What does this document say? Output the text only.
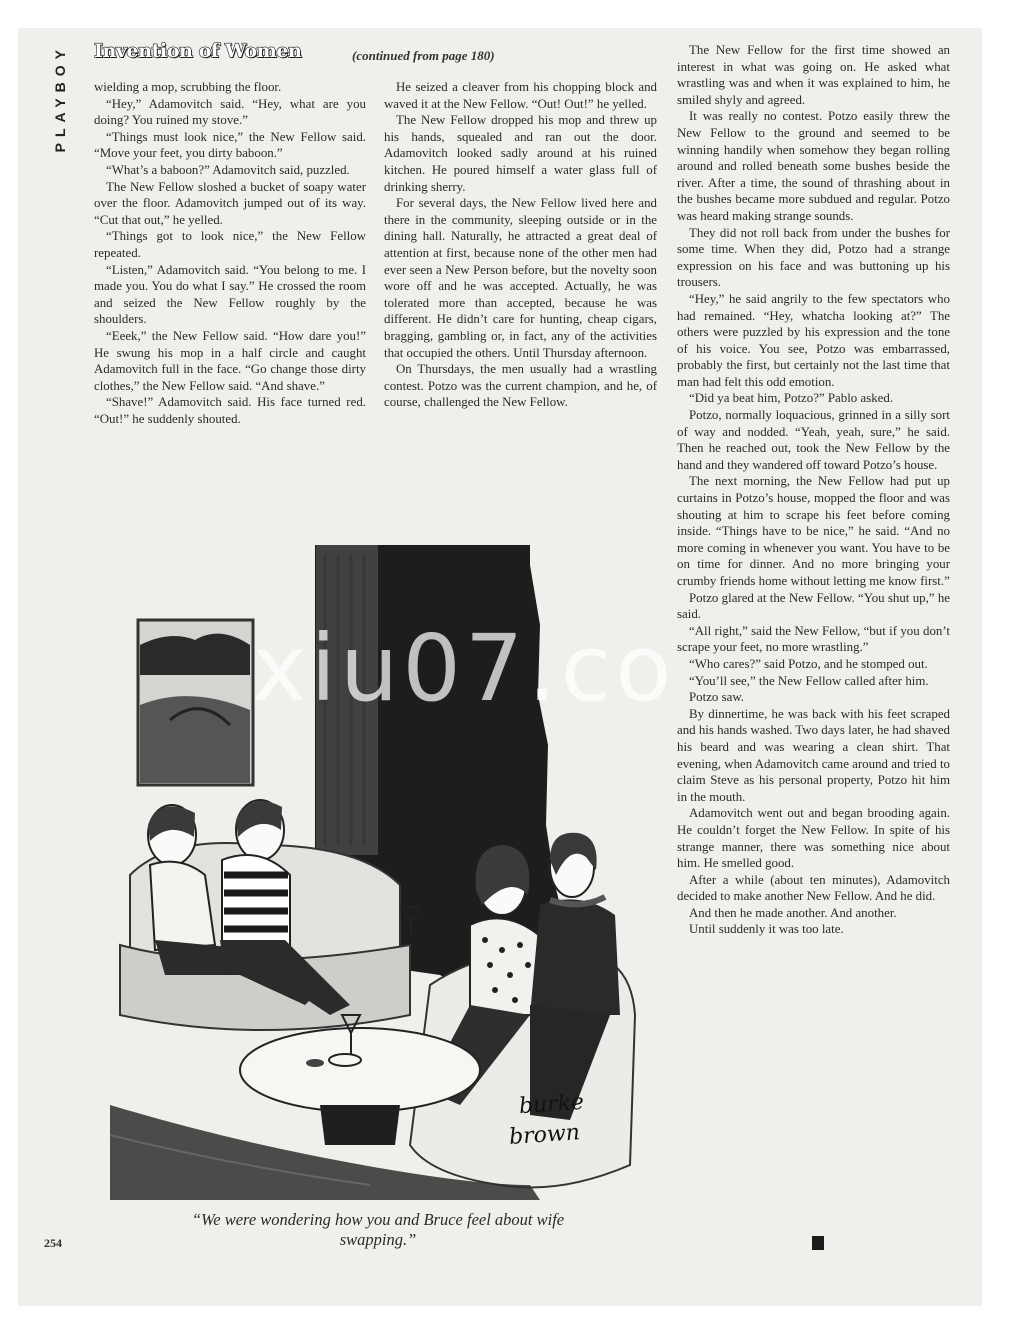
PLAYBOY Invention of Women	(continued from page 180)

wielding a mop, scrubbing the floor.

“Hey,” Adamovitch said. “Hey, what are you doing? You ruined my stove.”

“Things must look nice,” the New Fellow said. “Move your feet, you dirty baboon.”

“What’s a baboon?” Adamovitch said, puzzled.

The New Fellow sloshed a bucket of soapy water over the floor. Adamovitch jumped out of its way. “Cut that out,” he yelled.

“Things got to look nice,” the New Fellow repeated.

“Listen,” Adamovitch said. “You belong to me. I made you. You do what I say.” He crossed the room and seized the New Fellow roughly by the shoulders.

“Eeek,” the New Fellow said. “How dare you!” He swung his mop in a half circle and caught Adamovitch full in the face. “Go change those dirty clothes,” the New Fellow said. “And shave.”

“Shave!” Adamovitch said. His face turned red. “Out!” he suddenly shouted.

He seized a cleaver from his chopping block and waved it at the New Fellow. “Out! Out!” he yelled.

The New Fellow dropped his mop and threw up his hands, squealed and ran out the door. Adamovitch looked sadly around at his ruined kitchen. He poured himself a water glass full of drinking sherry.

For several days, the New Fellow lived here and there in the community, sleeping outside or in the dining hall. Naturally, he attracted a great deal of attention at first, because none of the other men had ever seen a New Person before, but the novelty soon wore off and he was accepted. Actually, he was tolerated more than accepted, because he was different. He didn’t care for hunting, cheap cigars, bragging, gambling or, in fact, any of the activities that occupied the others. Until Thursday afternoon.

On Thursdays, the men usually had a wrastling contest. Potzo was the current champion, and he, of course, challenged the New Fellow.

The New Fellow for the first time showed an interest in what was going on. He asked what wrastling was and when it was explained to him, he smiled shyly and agreed.

It was really no contest. Potzo easily threw the New Fellow to the ground and seemed to be winning handily when somehow they began rolling around and rolled beneath some bushes beside the river. After a time, the sound of thrashing about in the bushes became more subdued and regular. Potzo was heard making strange sounds.

They did not roll back from under the bushes for some time. When they did, Potzo had a strange expression on his face and was buttoning up his trousers.

“Hey,” he said angrily to the few spectators who had remained. “Hey, whatcha looking at?” The others were puzzled by his expression and the tone of his voice. You see, Potzo was embarrassed, probably the first, but certainly not the last time that man had felt this odd emotion.

“Did ya beat him, Potzo?” Pablo asked.

Potzo, normally loquacious, grinned in a silly sort of way and nodded. “Yeah, yeah, sure,” he said. Then he reached out, took the New Fellow by the hand and they wandered off toward Potzo’s house.

The next morning, the New Fellow had put up curtains in Potzo’s house, mopped the floor and was shouting at him to scrape his feet before coming inside. “Things have to be nice,” he said. “And no more coming in whenever you want. You have to be on time for dinner. And no more bringing your crumby friends home without letting me know first.”

Potzo glared at the New Fellow. “You shut up,” he said.

“All right,” said the New Fellow, “but if you don’t scrape your feet, no more wrastling.”

“Who cares?” said Potzo, and he stomped out.

“You’ll see,” the New Fellow called after him.

Potzo saw.

By dinnertime, he was back with his feet scraped and his hands washed. Two days later, he had shaved his beard and was wearing a clean shirt. That evening, when Adamovitch came around and tried to claim Steve as his personal property, Potzo hit him in the mouth.

Adamovitch went out and began brooding again. He couldn’t forget the New Fellow. In spite of his strange manner, there was something nice about him. He smelled good.

After a while (about ten minutes), Adamovitch decided to make another New Fellow. And he did.

And then he made another. And another.

Until suddenly it was too late.

burke
brown
xiu07.co
“We were wondering how you and Bruce feel about wife swapping.”
254
